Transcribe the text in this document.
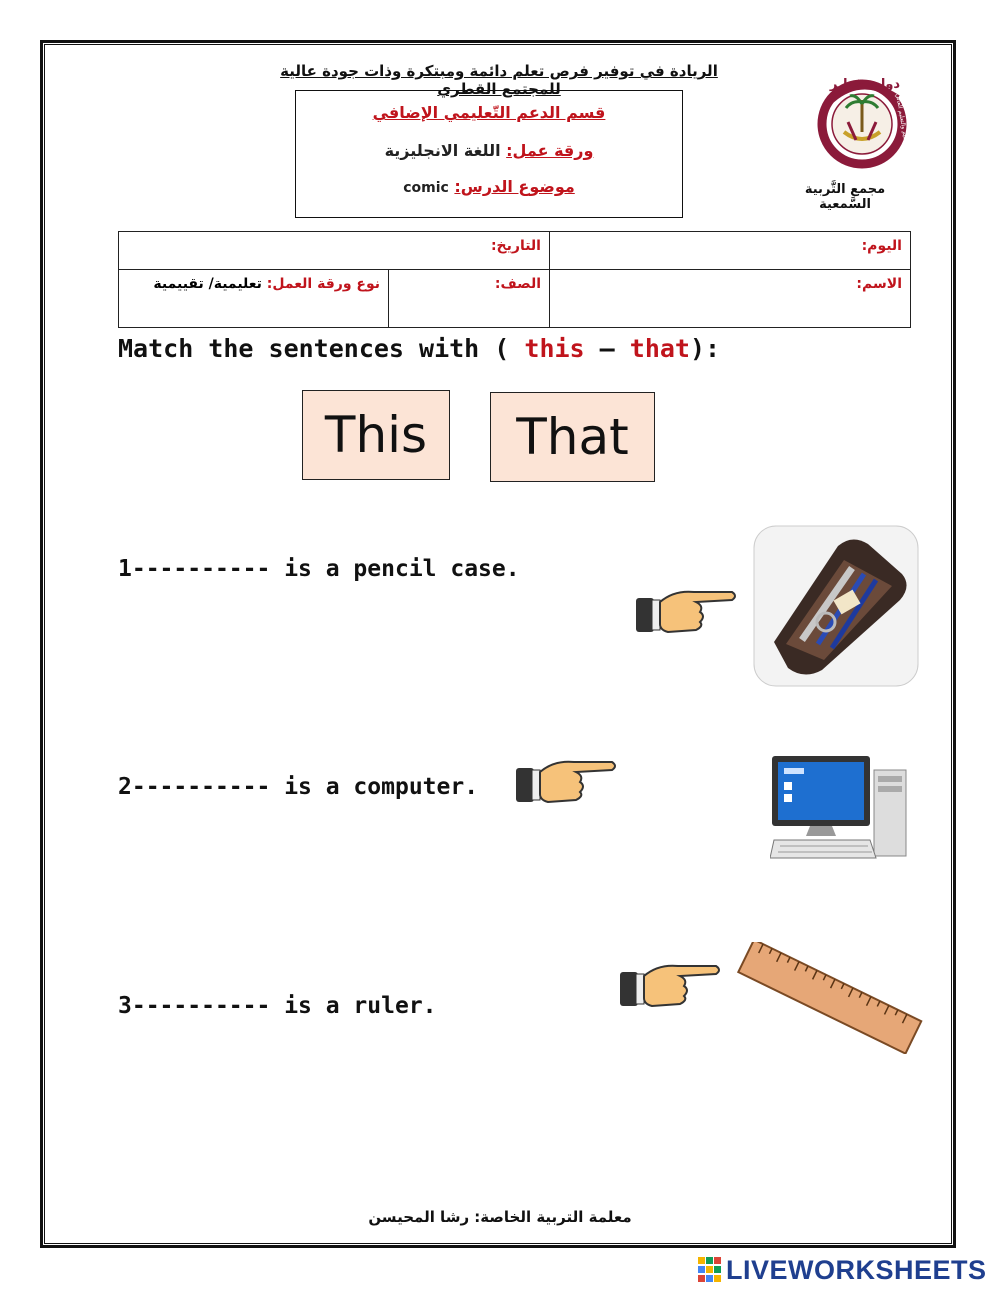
الريادة في توفير فرص تعلم دائمة ومبتكرة وذات جودة عالية للمجتمع القطري
قسم الدعم التّعليمي الإضافي
ورقة عمل: اللغة الانجليزية
موضوع الدرس: comic
دولـة قطـر
وزارة التعليم والتعليم العالي
مجمع التَّربية السَّمعية
اليوم:	التاريخ:	
الاسم:	الصف:	نوع ورقة العمل: تعليمية/ تقييمية
Match the sentences with ( this – that):
This	That
1---------- is a pencil case.
2---------- is a computer.
3---------- is a ruler.
معلمة التربية الخاصة: رشا المحيسن
LIVEWORKSHEETS
